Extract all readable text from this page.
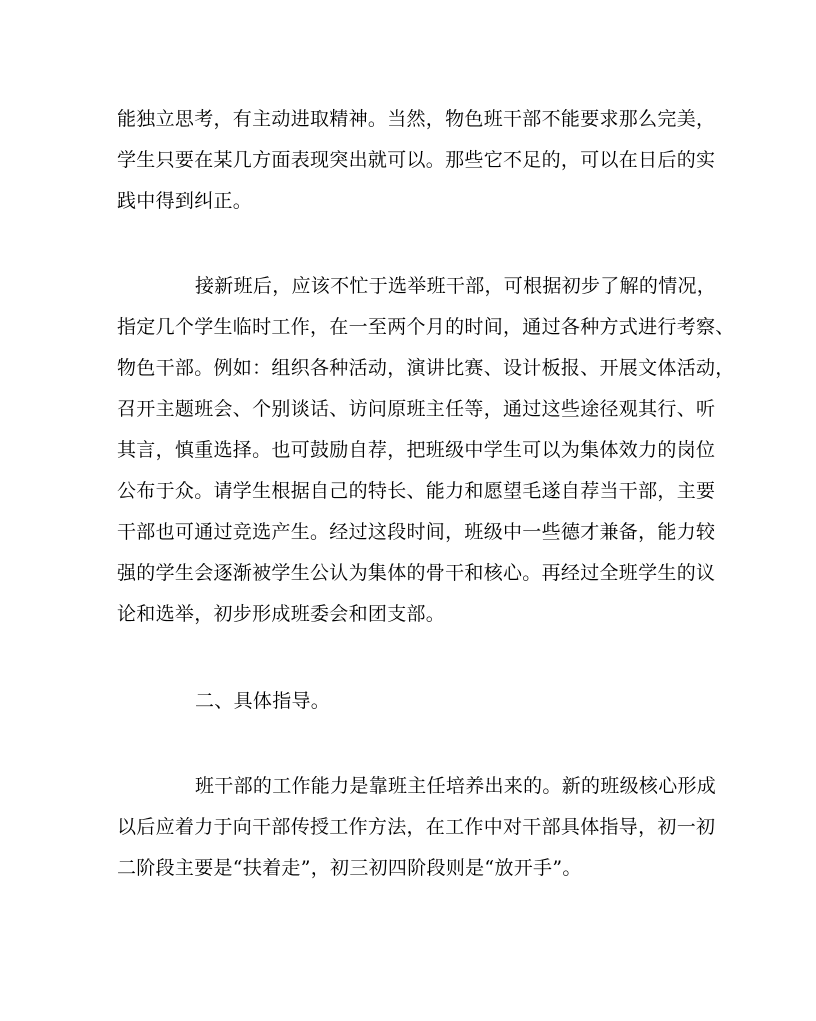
能独立思考，有主动进取精神。当然，物色班干部不能要求那么完美，
学生只要在某几方面表现突出就可以。那些它不足的，可以在日后的实
践中得到纠正。
接新班后，应该不忙于选举班干部，可根据初步了解的情况，
指定几个学生临时工作，在一至两个月的时间，通过各种方式进行考察、
物色干部。例如：组织各种活动，演讲比赛、设计板报、开展文体活动，
召开主题班会、个别谈话、访问原班主任等，通过这些途径观其行、听
其言，慎重选择。也可鼓励自荐，把班级中学生可以为集体效力的岗位
公布于众。请学生根据自己的特长、能力和愿望毛遂自荐当干部，主要
干部也可通过竞选产生。经过这段时间，班级中一些德才兼备，能力较
强的学生会逐渐被学生公认为集体的骨干和核心。再经过全班学生的议
论和选举，初步形成班委会和团支部。
二、具体指导。
班干部的工作能力是靠班主任培养出来的。新的班级核心形成
以后应着力于向干部传授工作方法，在工作中对干部具体指导，初一初
二阶段主要是“扶着走”，初三初四阶段则是“放开手”。
